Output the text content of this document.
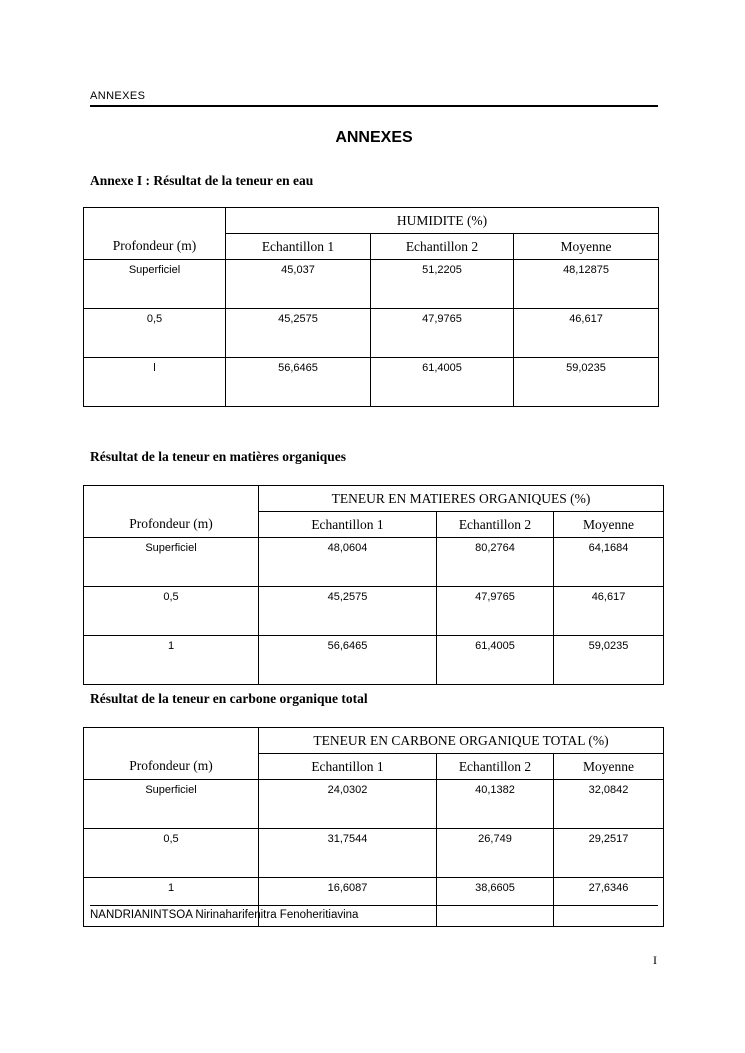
ANNEXES
ANNEXES
Annexe I : Résultat de la teneur en eau
Profondeur (m)	HUMIDITE (%)		
	Echantillon 1	Echantillon 2	Moyenne
Superficiel	45,037	51,2205	48,12875
0,5	45,2575	47,9765	46,617
l	56,6465	61,4005	59,0235
Résultat de la teneur en matières organiques
Profondeur (m)	TENEUR EN MATIERES ORGANIQUES (%)		
	Echantillon 1	Echantillon 2	Moyenne
Superficiel	48,0604	80,2764	64,1684
0,5	45,2575	47,9765	46,617
1	56,6465	61,4005	59,0235
Résultat de la teneur en carbone organique total
Profondeur (m)	TENEUR EN CARBONE ORGANIQUE TOTAL (%)		
	Echantillon 1	Echantillon 2	Moyenne
Superficiel	24,0302	40,1382	32,0842
0,5	31,7544	26,749	29,2517
1	16,6087	38,6605	27,6346
NANDRIANINTSOA Nirinaharifenitra Fenoheritiavina
I
